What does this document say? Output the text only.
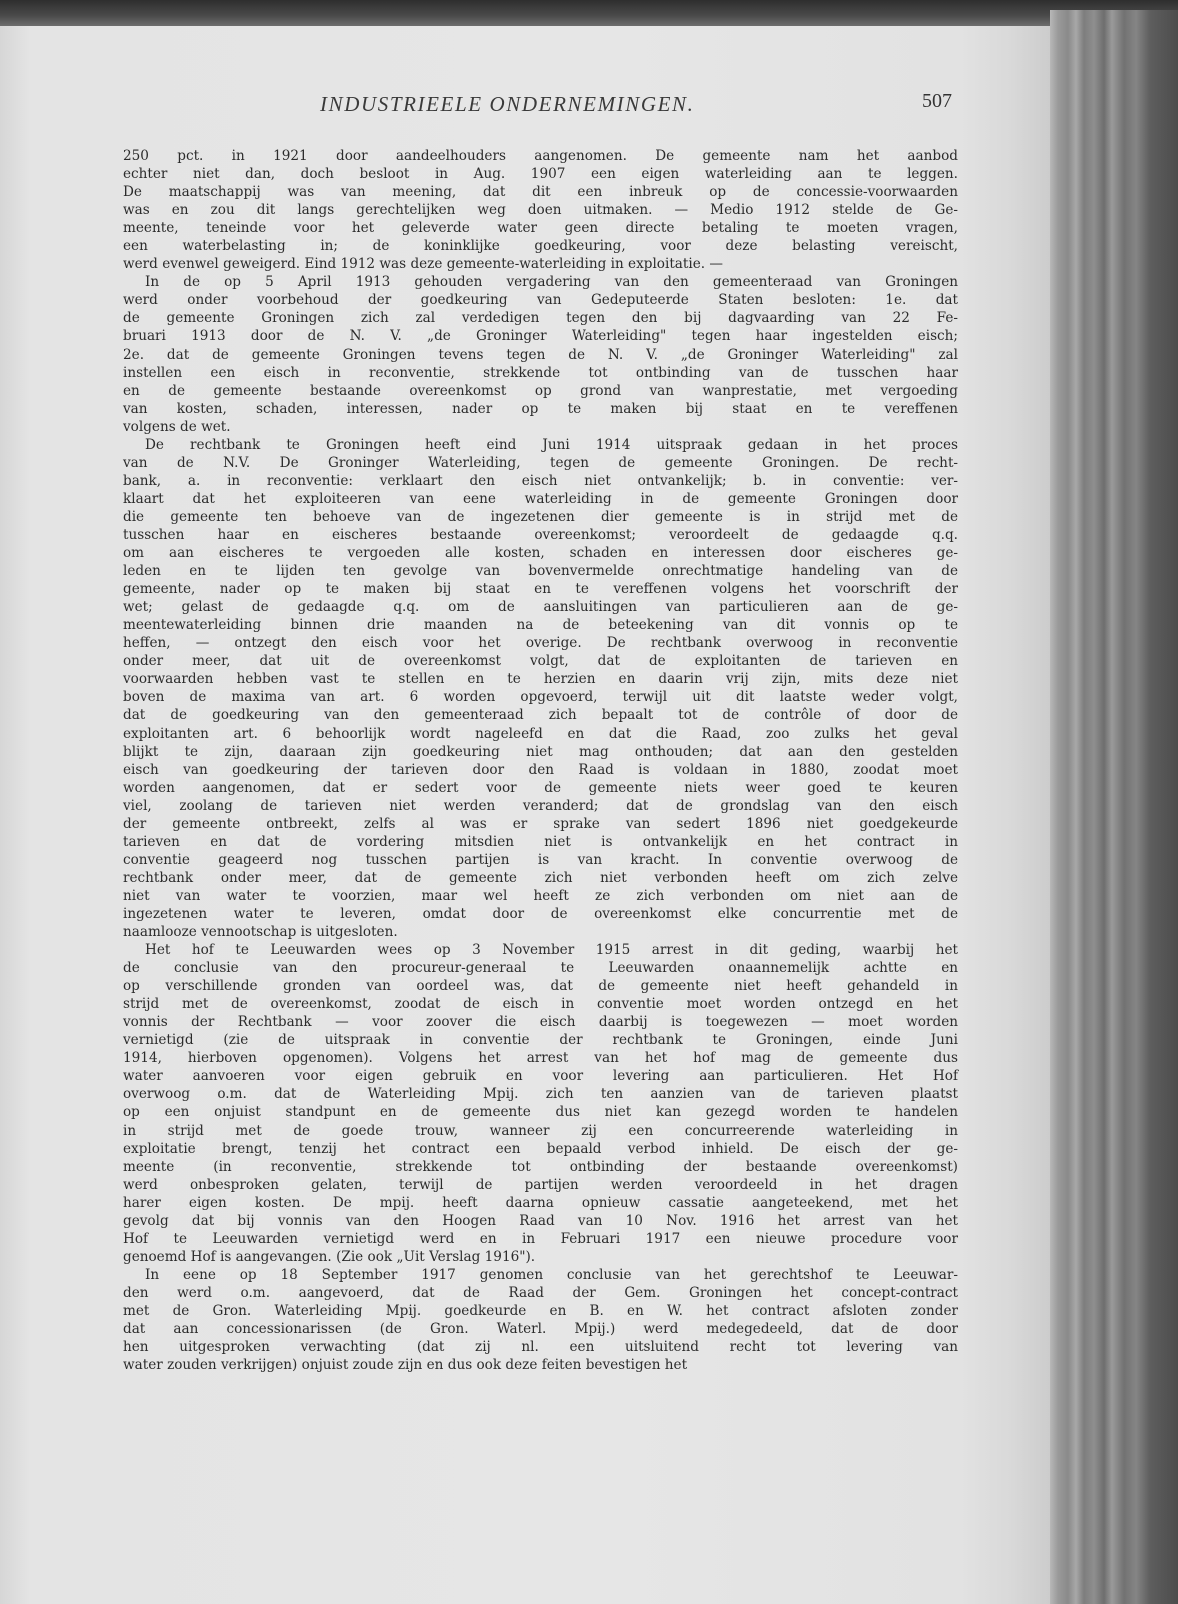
INDUSTRIEELE ONDERNEMINGEN.	507
250 pct. in 1921 door aandeelhouders aangenomen. De gemeente nam het aanbod
echter niet dan, doch besloot in Aug. 1907 een eigen waterleiding aan te leggen.
De maatschappij was van meening, dat dit een inbreuk op de concessie-voorwaarden
was en zou dit langs gerechtelijken weg doen uitmaken. — Medio 1912 stelde de Ge-
meente, teneinde voor het geleverde water geen directe betaling te moeten vragen,
een waterbelasting in; de koninklijke goedkeuring, voor deze belasting vereischt,
werd evenwel geweigerd. Eind 1912 was deze gemeente-waterleiding in exploitatie. —
In de op 5 April 1913 gehouden vergadering van den gemeenteraad van Groningen
werd onder voorbehoud der goedkeuring van Gedeputeerde Staten besloten: 1e. dat
de gemeente Groningen zich zal verdedigen tegen den bij dagvaarding van 22 Fe-
bruari 1913 door de N. V. „de Groninger Waterleiding" tegen haar ingestelden eisch;
2e. dat de gemeente Groningen tevens tegen de N. V. „de Groninger Waterleiding" zal
instellen een eisch in reconventie, strekkende tot ontbinding van de tusschen haar
en de gemeente bestaande overeenkomst op grond van wanprestatie, met vergoeding
van kosten, schaden, interessen, nader op te maken bij staat en te vereffenen
volgens de wet.
De rechtbank te Groningen heeft eind Juni 1914 uitspraak gedaan in het proces
van de N.V. De Groninger Waterleiding, tegen de gemeente Groningen. De recht-
bank, a. in reconventie: verklaart den eisch niet ontvankelijk; b. in conventie: ver-
klaart dat het exploiteeren van eene waterleiding in de gemeente Groningen door
die gemeente ten behoeve van de ingezetenen dier gemeente is in strijd met de
tusschen haar en eischeres bestaande overeenkomst; veroordeelt de gedaagde q.q.
om aan eischeres te vergoeden alle kosten, schaden en interessen door eischeres ge-
leden en te lijden ten gevolge van bovenvermelde onrechtmatige handeling van de
gemeente, nader op te maken bij staat en te vereffenen volgens het voorschrift der
wet; gelast de gedaagde q.q. om de aansluitingen van particulieren aan de ge-
meentewaterleiding binnen drie maanden na de beteekening van dit vonnis op te
heffen, — ontzegt den eisch voor het overige. De rechtbank overwoog in reconventie
onder meer, dat uit de overeenkomst volgt, dat de exploitanten de tarieven en
voorwaarden hebben vast te stellen en te herzien en daarin vrij zijn, mits deze niet
boven de maxima van art. 6 worden opgevoerd, terwijl uit dit laatste weder volgt,
dat de goedkeuring van den gemeenteraad zich bepaalt tot de contrôle of door de
exploitanten art. 6 behoorlijk wordt nageleefd en dat die Raad, zoo zulks het geval
blijkt te zijn, daaraan zijn goedkeuring niet mag onthouden; dat aan den gestelden
eisch van goedkeuring der tarieven door den Raad is voldaan in 1880, zoodat moet
worden aangenomen, dat er sedert voor de gemeente niets weer goed te keuren
viel, zoolang de tarieven niet werden veranderd; dat de grondslag van den eisch
der gemeente ontbreekt, zelfs al was er sprake van sedert 1896 niet goedgekeurde
tarieven en dat de vordering mitsdien niet is ontvankelijk en het contract in
conventie geageerd nog tusschen partijen is van kracht. In conventie overwoog de
rechtbank onder meer, dat de gemeente zich niet verbonden heeft om zich zelve
niet van water te voorzien, maar wel heeft ze zich verbonden om niet aan de
ingezetenen water te leveren, omdat door de overeenkomst elke concurrentie met de
naamlooze vennootschap is uitgesloten.
Het hof te Leeuwarden wees op 3 November 1915 arrest in dit geding, waarbij het
de conclusie van den procureur-generaal te Leeuwarden onaannemelijk achtte en
op verschillende gronden van oordeel was, dat de gemeente niet heeft gehandeld in
strijd met de overeenkomst, zoodat de eisch in conventie moet worden ontzegd en het
vonnis der Rechtbank — voor zoover die eisch daarbij is toegewezen — moet worden
vernietigd (zie de uitspraak in conventie der rechtbank te Groningen, einde Juni
1914, hierboven opgenomen). Volgens het arrest van het hof mag de gemeente dus
water aanvoeren voor eigen gebruik en voor levering aan particulieren. Het Hof
overwoog o.m. dat de Waterleiding Mpij. zich ten aanzien van de tarieven plaatst
op een onjuist standpunt en de gemeente dus niet kan gezegd worden te handelen
in strijd met de goede trouw, wanneer zij een concurreerende waterleiding in
exploitatie brengt, tenzij het contract een bepaald verbod inhield. De eisch der ge-
meente (in reconventie, strekkende tot ontbinding der bestaande overeenkomst)
werd onbesproken gelaten, terwijl de partijen werden veroordeeld in het dragen
harer eigen kosten. De mpij. heeft daarna opnieuw cassatie aangeteekend, met het
gevolg dat bij vonnis van den Hoogen Raad van 10 Nov. 1916 het arrest van het
Hof te Leeuwarden vernietigd werd en in Februari 1917 een nieuwe procedure voor
genoemd Hof is aangevangen. (Zie ook „Uit Verslag 1916").
In eene op 18 September 1917 genomen conclusie van het gerechtshof te Leeuwar-
den werd o.m. aangevoerd, dat de Raad der Gem. Groningen het concept-contract
met de Gron. Waterleiding Mpij. goedkeurde en B. en W. het contract afsloten zonder
dat aan concessionarissen (de Gron. Waterl. Mpij.) werd medegedeeld, dat de door
hen uitgesproken verwachting (dat zij nl. een uitsluitend recht tot levering van
water zouden verkrijgen) onjuist zoude zijn en dus ook deze feiten bevestigen het
